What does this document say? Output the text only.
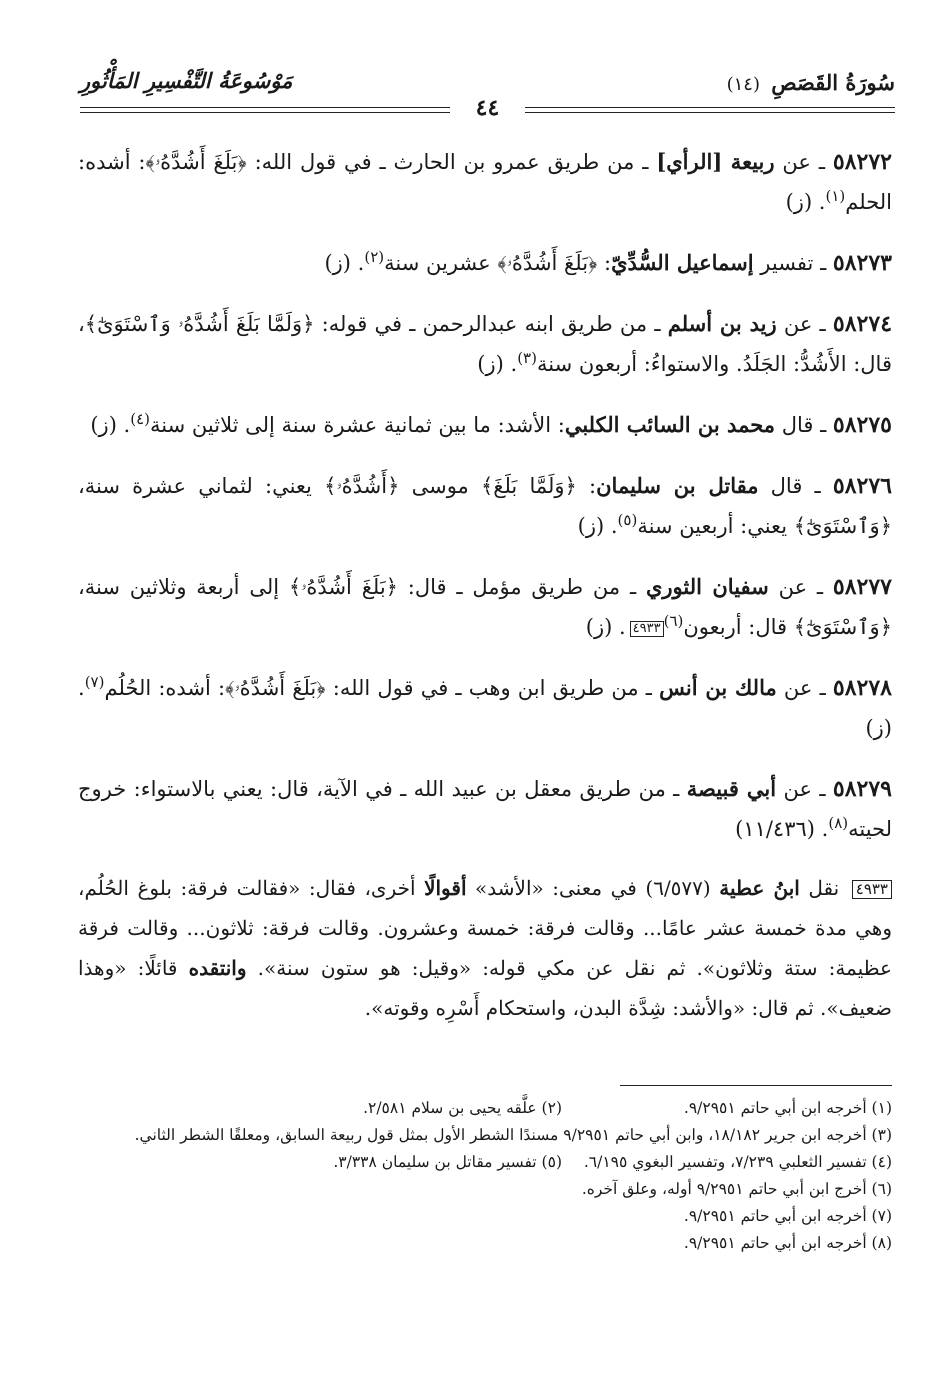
سُورَةُ القَصَصِ (١٤)
مَوْسُوعَةُ التَّفْسِيرِ المَأْثُورِ
٤٤

٥٨٢٧٢ ـ عن ربيعة [الرأي] ـ من طريق عمرو بن الحارث ـ في قول الله: ﴿بَلَغَ أَشُدَّهُۥ﴾: أشده: الحلم$^{(١)}$. (ز)

٥٨٢٧٣ ـ تفسير إسماعيل السُّدِّيّ: ﴿بَلَغَ أَشُدَّهُۥ﴾ عشرين سنة$^{(٢)}$. (ز)

٥٨٢٧٤ ـ عن زيد بن أسلم ـ من طريق ابنه عبدالرحمن ـ في قوله: ﴿وَلَمَّا بَلَغَ أَشُدَّهُۥ وَٱسْتَوَىٰٓ﴾، قال: الأَشُدُّ: الجَلَدُ. والاستواءُ: أربعون سنة$^{(٣)}$. (ز)

٥٨٢٧٥ ـ قال محمد بن السائب الكلبي: الأشد: ما بين ثمانية عشرة سنة إلى ثلاثين سنة$^{(٤)}$. (ز)

٥٨٢٧٦ ـ قال مقاتل بن سليمان: ﴿وَلَمَّا بَلَغَ﴾ موسى ﴿أَشُدَّهُۥ﴾ يعني: لثماني عشرة سنة، ﴿وَٱسْتَوَىٰٓ﴾ يعني: أربعين سنة$^{(٥)}$. (ز)

٥٨٢٧٧ ـ عن سفيان الثوري ـ من طريق مؤمل ـ قال: ﴿بَلَغَ أَشُدَّهُۥ﴾ إلى أربعة وثلاثين سنة، ﴿وَٱسْتَوَىٰٓ﴾ قال: أربعون$^{(٦)}$٤٩٣٣. (ز)

٥٨٢٧٨ ـ عن مالك بن أنس ـ من طريق ابن وهب ـ في قول الله: ﴿بَلَغَ أَشُدَّهُۥ﴾: أشده: الحُلُم$^{(٧)}$. (ز)

٥٨٢٧٩ ـ عن أبي قبيصة ـ من طريق معقل بن عبيد الله ـ في الآية، قال: يعني بالاستواء: خروج لحيته$^{(٨)}$. (١١/٤٣٦)

٤٩٣٣ نقل ابنُ عطية (٦/٥٧٧) في معنى: «الأشد» أقوالًا أخرى، فقال: «فقالت فرقة: بلوغ الحُلُم، وهي مدة خمسة عشر عامًا... وقالت فرقة: خمسة وعشرون. وقالت فرقة: ثلاثون... وقالت فرقة عظيمة: ستة وثلاثون». ثم نقل عن مكي قوله: «وقيل: هو ستون سنة». وانتقده قائلًا: «وهذا ضعيف». ثم قال: «والأشد: شِدَّة البدن، واستحكام أَسْرِه وقوته».
(١) أخرجه ابن أبي حاتم ٩/٢٩٥١.
(٢) علَّقه يحيى بن سلام ٢/٥٨١.
(٣) أخرجه ابن جرير ١٨/١٨٢، وابن أبي حاتم ٩/٢٩٥١ مسندًا الشطر الأول بمثل قول ربيعة السابق، ومعلقًا الشطر الثاني.
(٤) تفسير الثعلبي ٧/٢٣٩، وتفسير البغوي ٦/١٩٥.
(٥) تفسير مقاتل بن سليمان ٣/٣٣٨.
(٦) أخرج ابن أبي حاتم ٩/٢٩٥١ أوله، وعلق آخره.
(٧) أخرجه ابن أبي حاتم ٩/٢٩٥١.
(٨) أخرجه ابن أبي حاتم ٩/٢٩٥١.
